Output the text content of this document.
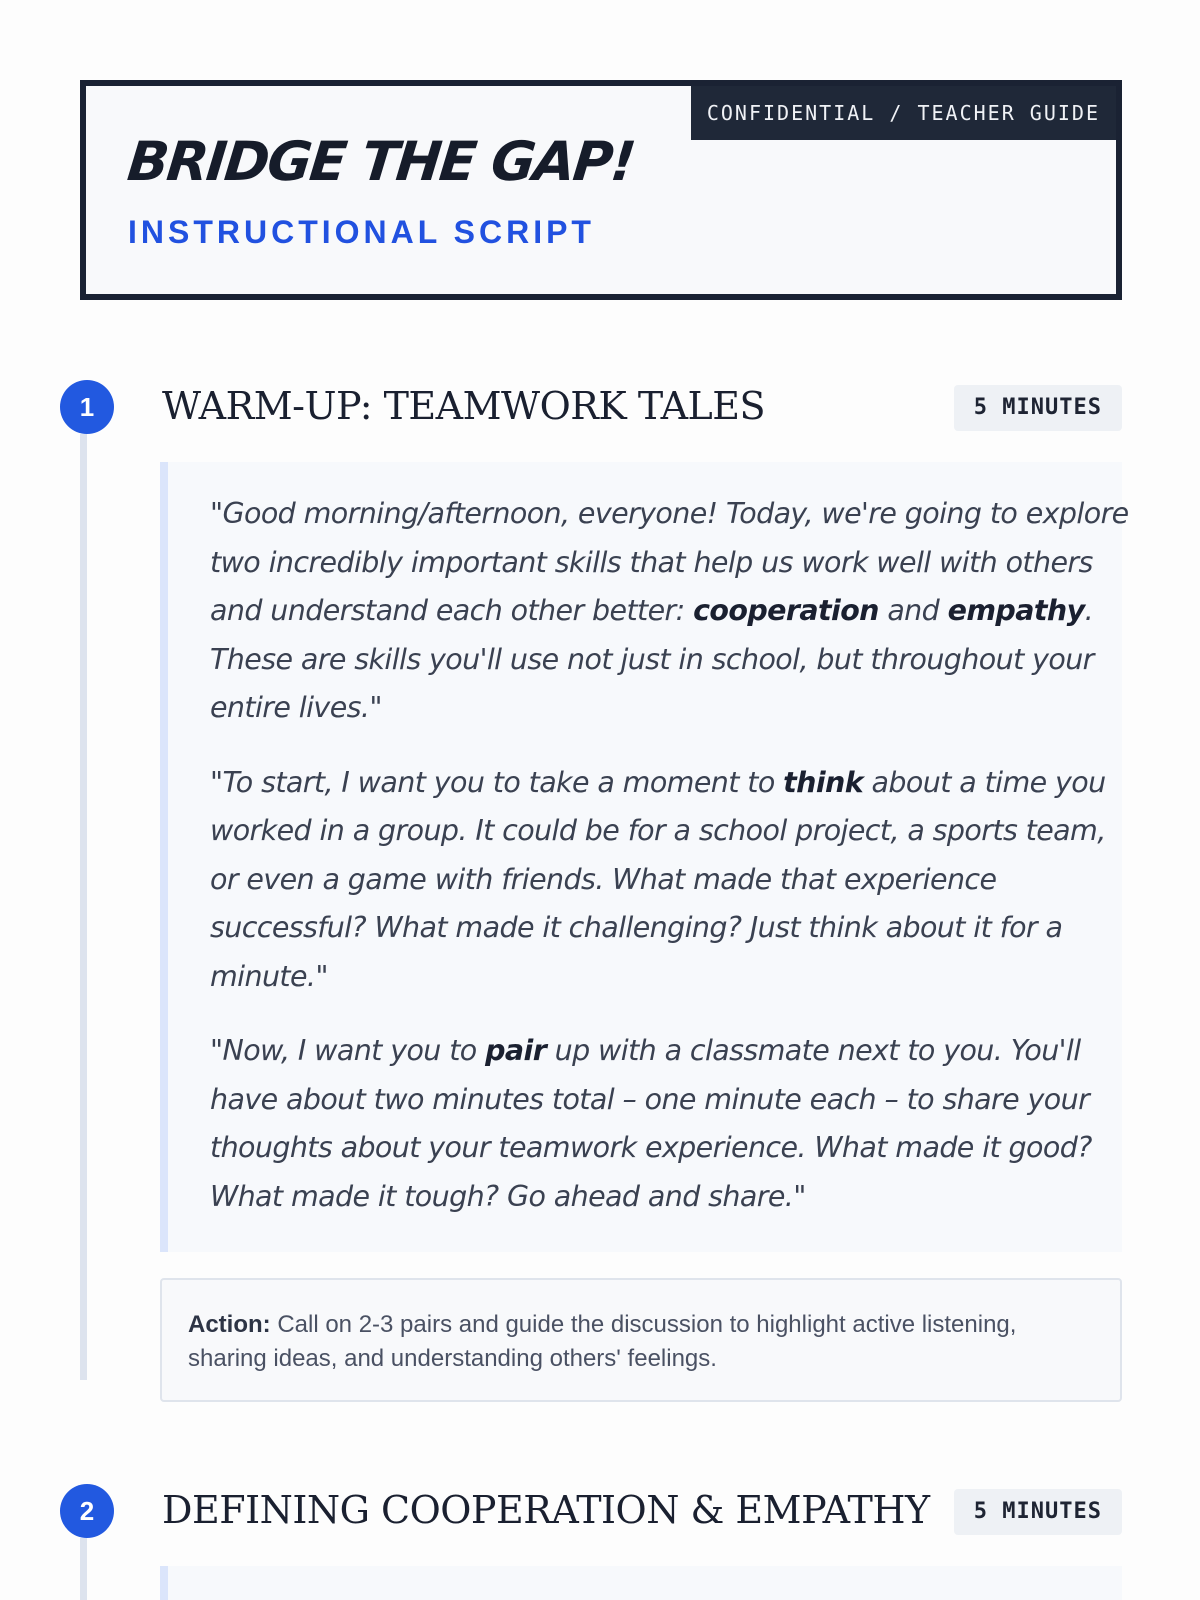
CONFIDENTIAL / TEACHER GUIDE
BRIDGE THE GAP!
INSTRUCTIONAL SCRIPT
1	WARM-UP: TEAMWORK TALES	5 MINUTES

"Good morning/afternoon, everyone! Today, we're going to explore two incredibly important skills that help us work well with others and understand each other better: cooperation and empathy. These are skills you'll use not just in school, but throughout your entire lives."

"To start, I want you to take a moment to think about a time you worked in a group. It could be for a school project, a sports team, or even a game with friends. What made that experience successful? What made it challenging? Just think about it for a minute."

"Now, I want you to pair up with a classmate next to you. You'll have about two minutes total – one minute each – to share your thoughts about your teamwork experience. What made it good? What made it tough? Go ahead and share."

Action: Call on 2-3 pairs and guide the discussion to highlight active listening, sharing ideas, and understanding others' feelings.
2	DEFINING COOPERATION & EMPATHY	5 MINUTES
